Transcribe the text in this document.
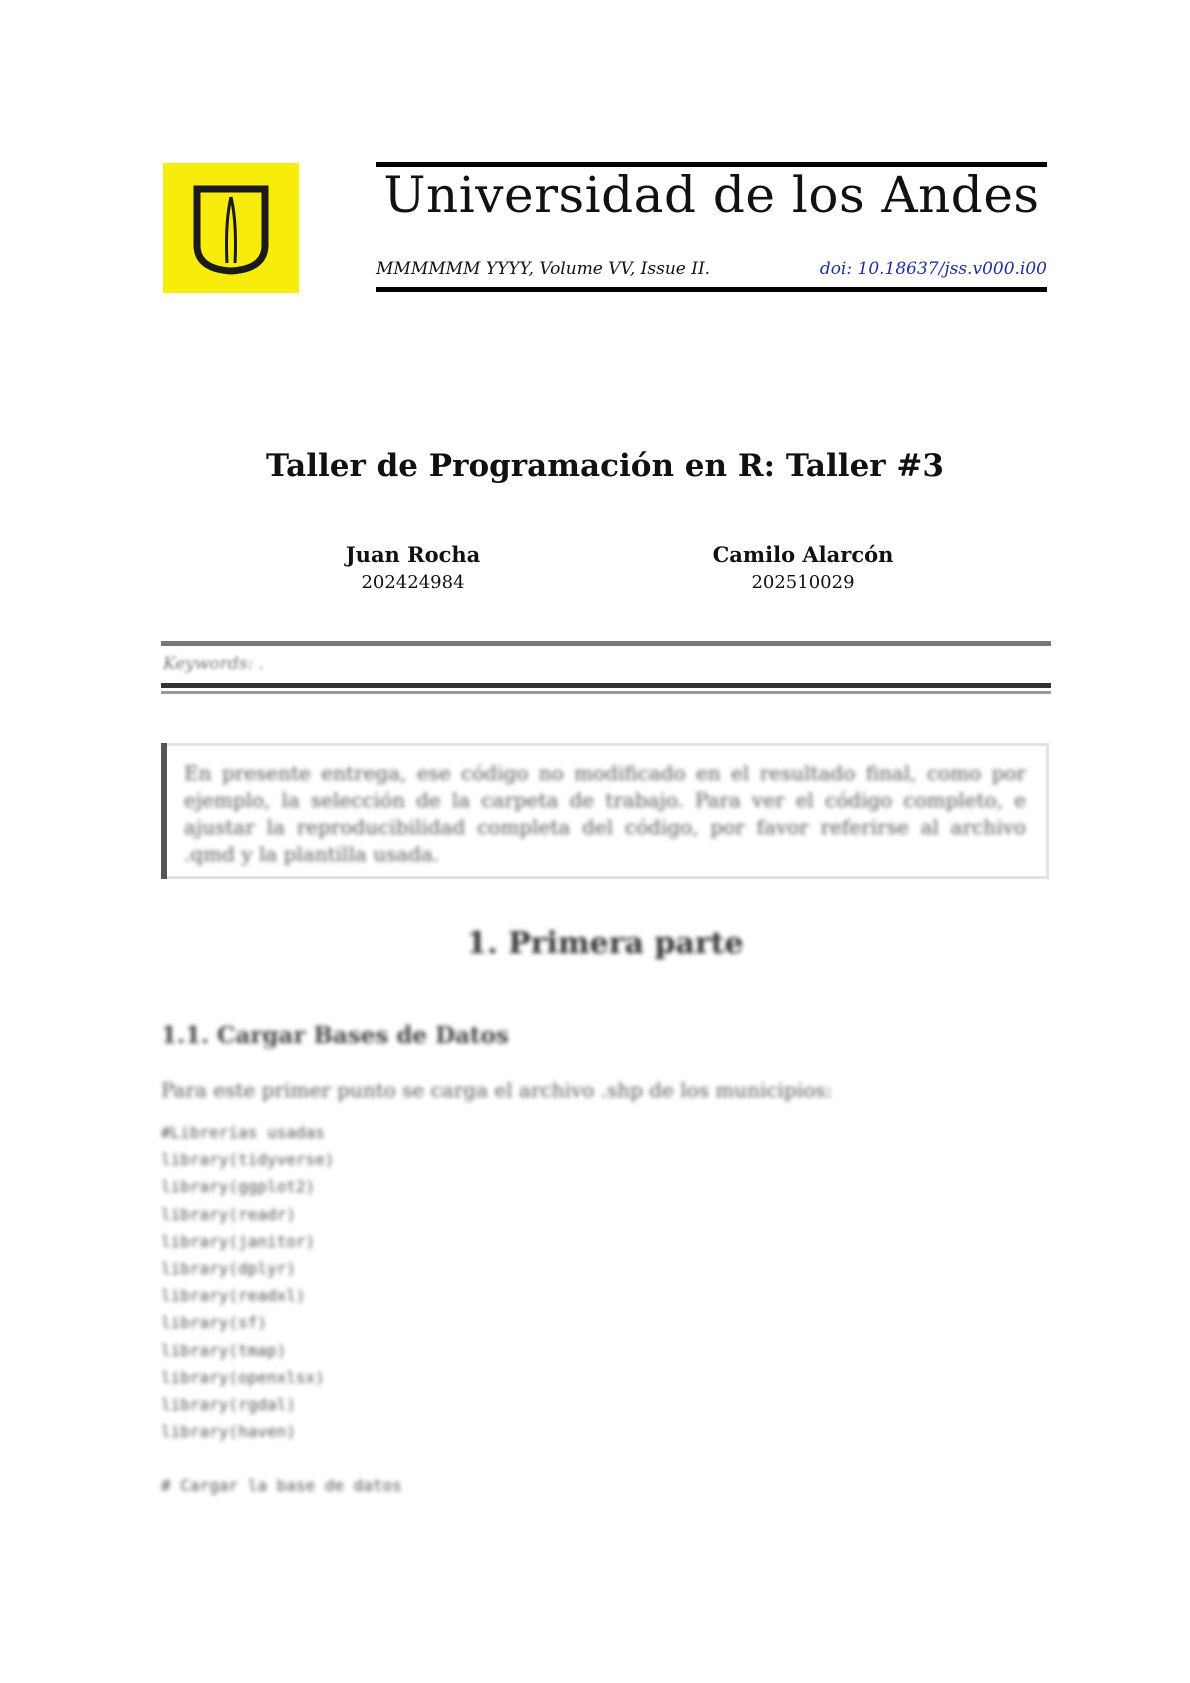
Universidad de los Andes
MMMMMM YYYY, Volume VV, Issue II.	doi: 10.18637/jss.v000.i00
Taller de Programación en R: Taller #3
Juan Rocha
202424984
Camilo Alarcón
202510029
Keywords: .
En presente entrega, ese código no modificado en el resultado final, como por ejemplo, la selección de la carpeta de trabajo. Para ver el código completo, e ajustar la reproducibilidad completa del código, por favor referirse al archivo .qmd y la plantilla usada.
1. Primera parte
1.1. Cargar Bases de Datos
Para este primer punto se carga el archivo .shp de los municipios:
#Librerías usadas
library(tidyverse)
library(ggplot2)
library(readr)
library(janitor)
library(dplyr)
library(readxl)
library(sf)
library(tmap)
library(openxlsx)
library(rgdal)
library(haven)
# Cargar la base de datos
